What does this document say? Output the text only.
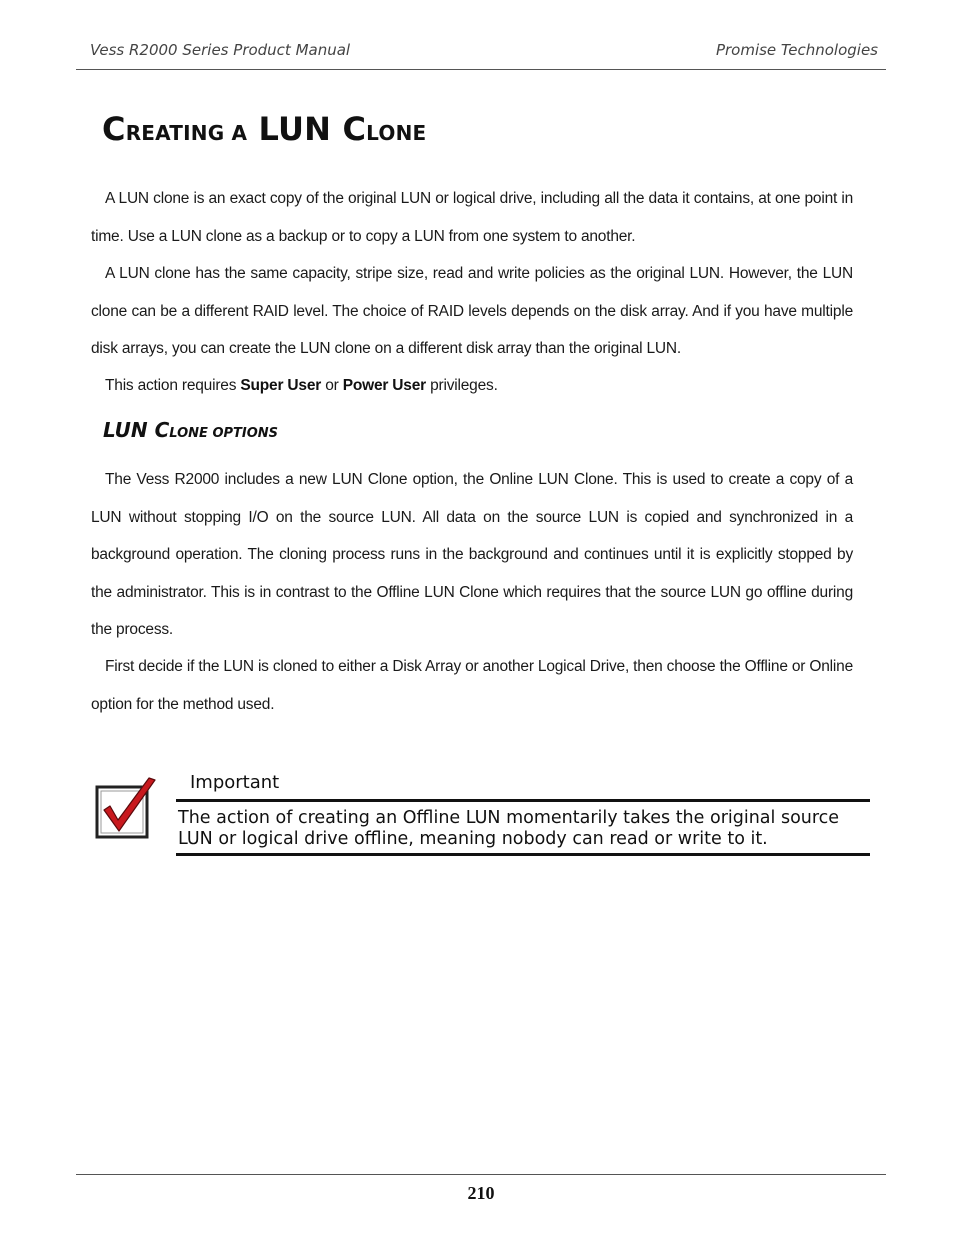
Vess R2000 Series Product Manual	Promise Technologies
CREATING A LUN CLONE

A LUN clone is an exact copy of the original LUN or logical drive, including all the data it contains, at one point in time. Use a LUN clone as a backup or to copy a LUN from one system to another.

A LUN clone has the same capacity, stripe size, read and write policies as the original LUN. However, the LUN clone can be a different RAID level. The choice of RAID levels depends on the disk array. And if you have multiple disk arrays, you can create the LUN clone on a different disk array than the original LUN.

This action requires Super User or Power User privileges.

LUN CLONE OPTIONS

The Vess R2000 includes a new LUN Clone option, the Online LUN Clone. This is used to create a copy of a LUN without stopping I/O on the source LUN. All data on the source LUN is copied and synchronized in a background operation. The cloning process runs in the background and continues until it is explicitly stopped by the administrator. This is in contrast to the Offline LUN Clone which requires that the source LUN go offline during the process.

First decide if the LUN is cloned to either a Disk Array or another Logical Drive, then choose the Offline or Online option for the method used.

Important
The action of creating an Offline LUN momentarily takes the original source LUN or logical drive offline, meaning nobody can read or write to it.
210
